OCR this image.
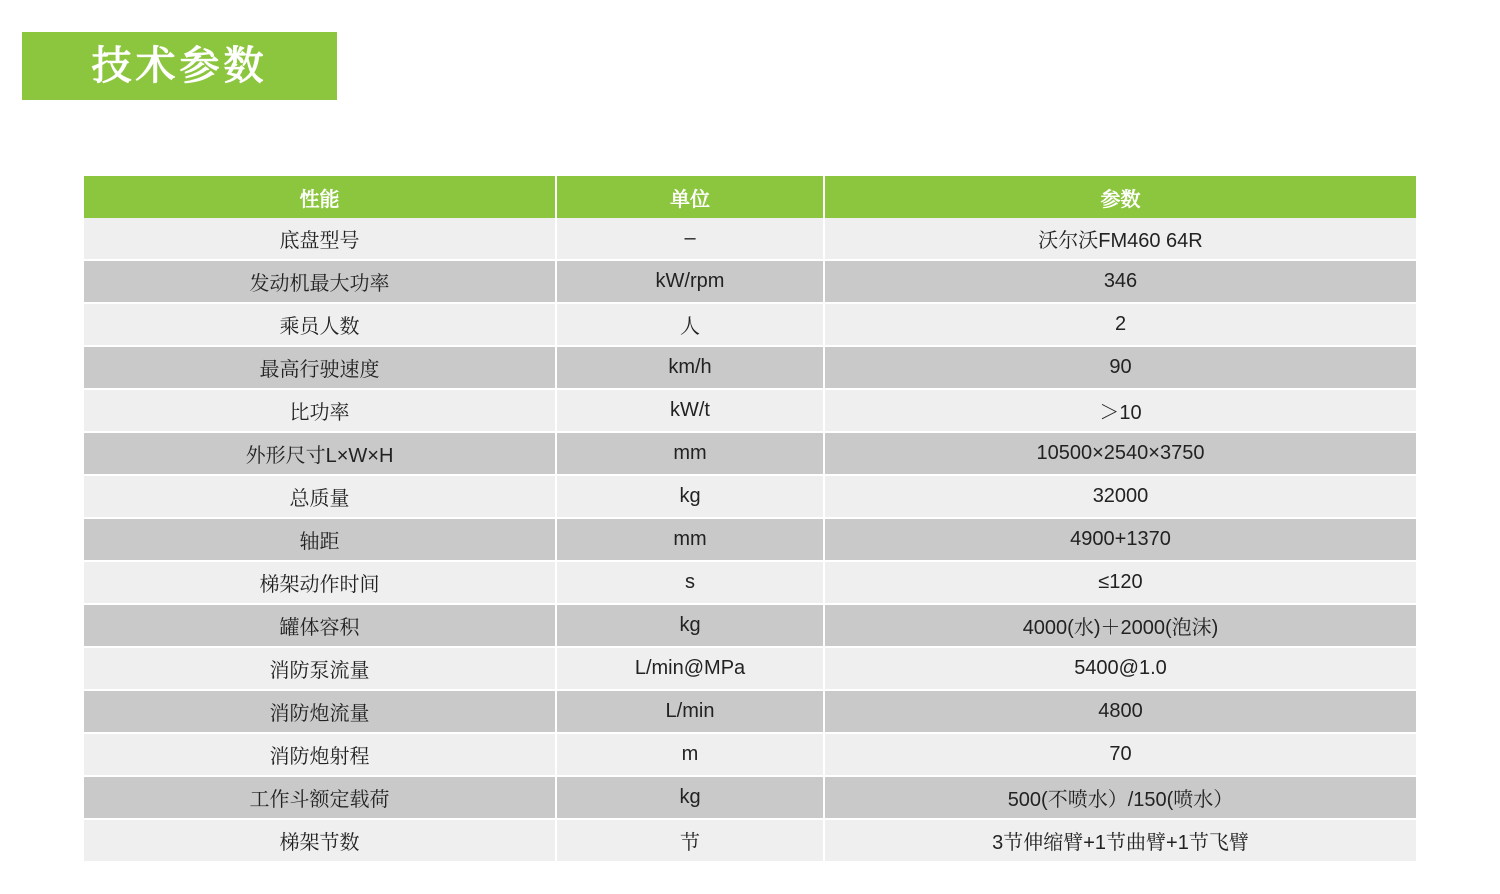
技术参数
性能	单位	参数
底盘型号	–	沃尔沃FM460 64R
发动机最大功率	kW/rpm	346
乘员人数	人	2
最高行驶速度	km/h	90
比功率	kW/t	＞10
外形尺寸L×W×H	mm	10500×2540×3750
总质量	kg	32000
轴距	mm	4900+1370
梯架动作时间	s	≤120
罐体容积	kg	4000(水)＋2000(泡沫)
消防泵流量	L/min@MPa	5400@1.0
消防炮流量	L/min	4800
消防炮射程	m	70
工作斗额定载荷	kg	500(不喷水）/150(喷水）
梯架节数	节	3节伸缩臂+1节曲臂+1节飞臂
